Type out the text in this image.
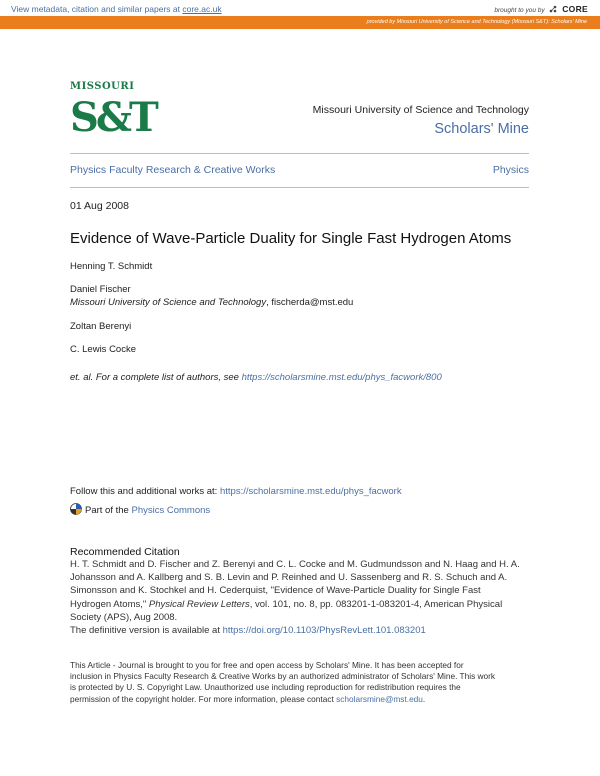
View metadata, citation and similar papers at core.ac.uk	brought to you by CORE
provided by Missouri University of Science and Technology (Missouri S&T): Scholars' Mine
MISSOURI
S&T	Missouri University of Science and Technology
Scholars' Mine
Physics Faculty Research & Creative Works	Physics
01 Aug 2008
Evidence of Wave-Particle Duality for Single Fast Hydrogen Atoms
Henning T. Schmidt
Daniel Fischer
Missouri University of Science and Technology, fischerda@mst.edu
Zoltan Berenyi
C. Lewis Cocke
et. al. For a complete list of authors, see https://scholarsmine.mst.edu/phys_facwork/800
Follow this and additional works at: https://scholarsmine.mst.edu/phys_facwork
Part of the Physics Commons
Recommended Citation
H. T. Schmidt and D. Fischer and Z. Berenyi and C. L. Cocke and M. Gudmundsson and N. Haag and H. A.
Johansson and A. Kallberg and S. B. Levin and P. Reinhed and U. Sassenberg and R. S. Schuch and A.
Simonsson and K. Stochkel and H. Cederquist, "Evidence of Wave-Particle Duality for Single Fast
Hydrogen Atoms," Physical Review Letters, vol. 101, no. 8, pp. 083201-1-083201-4, American Physical
Society (APS), Aug 2008.
The definitive version is available at https://doi.org/10.1103/PhysRevLett.101.083201
This Article - Journal is brought to you for free and open access by Scholars' Mine. It has been accepted for
inclusion in Physics Faculty Research & Creative Works by an authorized administrator of Scholars' Mine. This work
is protected by U. S. Copyright Law. Unauthorized use including reproduction for redistribution requires the
permission of the copyright holder. For more information, please contact scholarsmine@mst.edu.
